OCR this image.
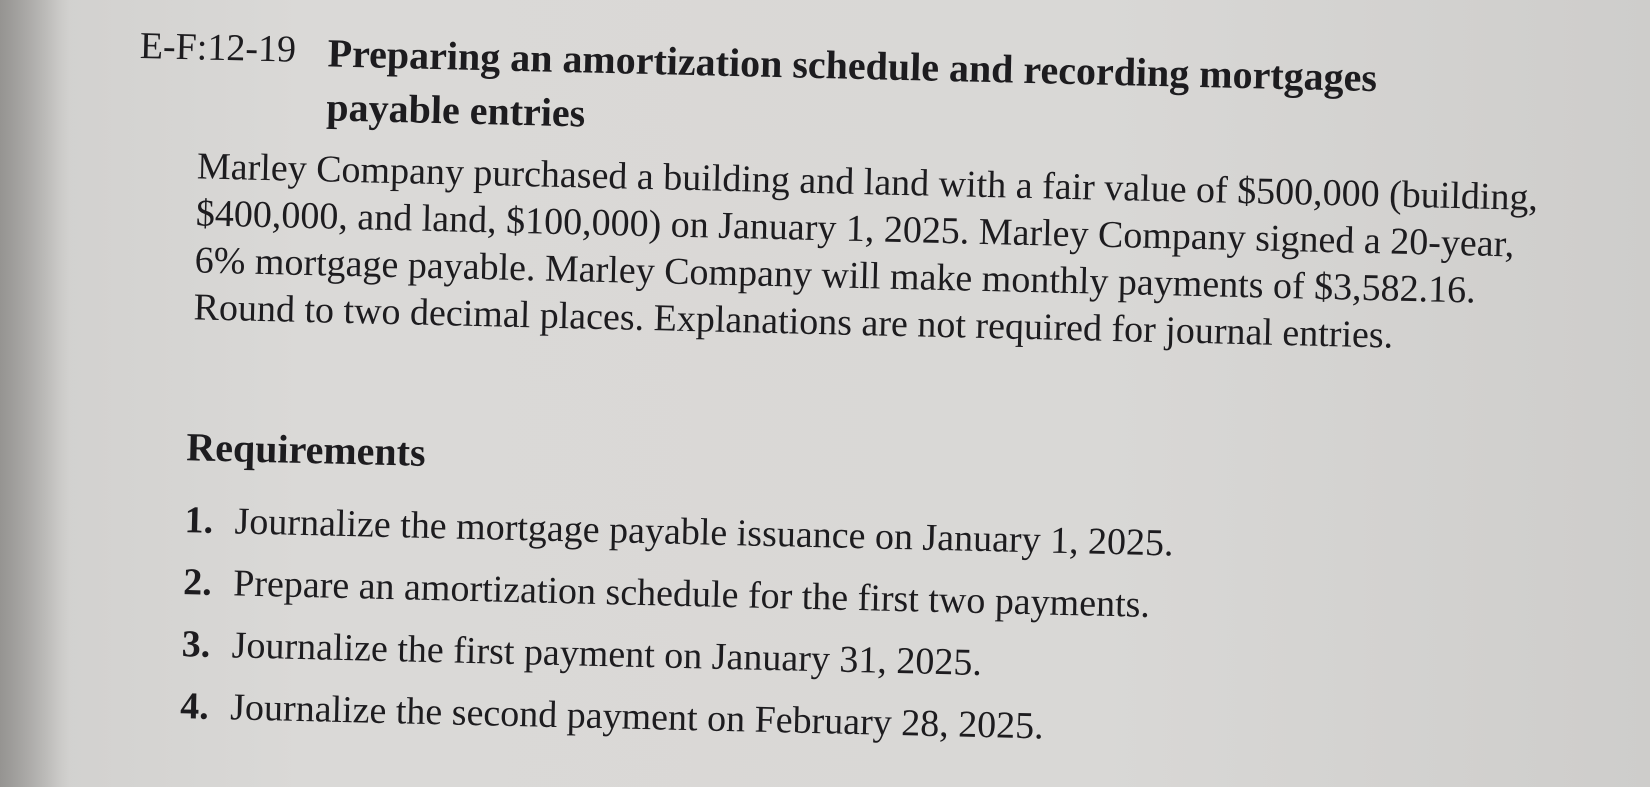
E-F:12-19 Preparing an amortization schedule and recording mortgages payable entries
Marley Company purchased a building and land with a fair value of $500,000 (building, $400,000, and land, $100,000) on January 1, 2025. Marley Company signed a 20-year, 6% mortgage payable. Marley Company will make monthly payments of $3,582.16. Round to two decimal places. Explanations are not required for journal entries.
Requirements
1. Journalize the mortgage payable issuance on January 1, 2025.
2. Prepare an amortization schedule for the first two payments.
3. Journalize the first payment on January 31, 2025.
4. Journalize the second payment on February 28, 2025.
